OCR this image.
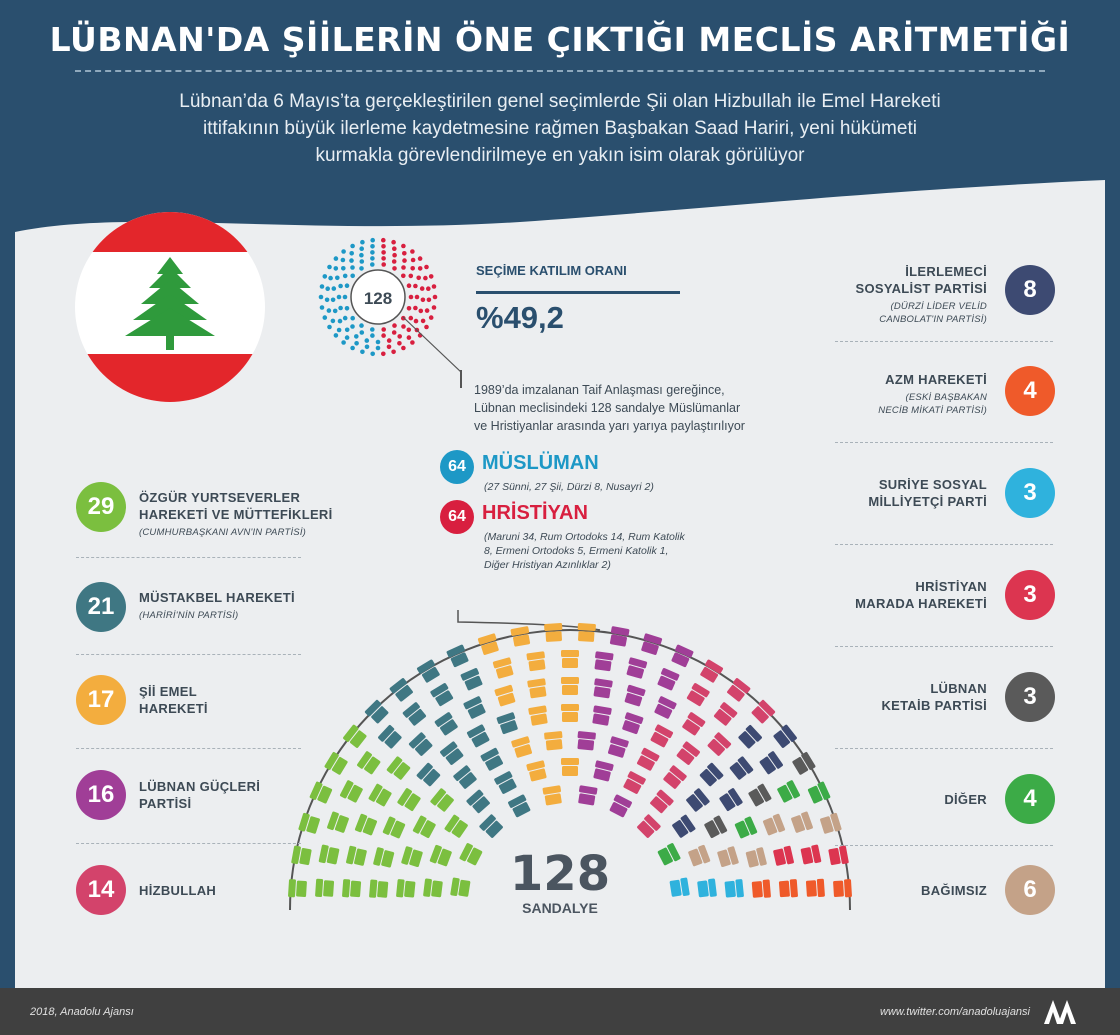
LÜBNAN'DA ŞİİLERİN ÖNE ÇIKTIĞI MECLİS ARİTMETİĞİ
Lübnan’da 6 Mayıs’ta gerçekleştirilen genel seçimlerde Şii olan Hizbullah ile Emel Hareketi
ittifakının büyük ilerleme kaydetmesine rağmen Başbakan Saad Hariri, yeni hükümeti
kurmakla görevlendirilmeye en yakın isim olarak görülüyor
128
SEÇİME KATILIM ORANI
%49,2
1989’da imzalanan Taif Anlaşması gereğince,
Lübnan meclisindeki 128 sandalye Müslümanlar
ve Hristiyanlar arasında yarı yarıya paylaştırılıyor
64 MÜSLÜMAN
(27 Sünni, 27 Şii, Dürzi 8, Nusayri 2)
64 HRİSTİYAN
(Maruni 34, Rum Ortodoks 14, Rum Katolik
8, Ermeni Ortodoks 5, Ermeni Katolik 1,
Diğer Hristiyan Azınlıklar 2)
128
SANDALYE
29	ÖZGÜR YURTSEVERLER
HAREKETİ VE MÜTTEFİKLERİ
(CUMHURBAŞKANI AVN'IN PARTİSİ)
21	MÜSTAKBEL HAREKETİ
(HARİRİ'NİN PARTİSİ)
17	Şİİ EMEL
HAREKETİ
16	LÜBNAN GÜÇLERİ
PARTİSİ
14	HİZBULLAH
8
İLERLEMECİ
SOSYALİST PARTİSİ
(DÜRZİ LİDER VELİD
CANBOLAT'IN PARTİSİ)
4
AZM HAREKETİ
(ESKİ BAŞBAKAN
NECİB MİKATİ PARTİSİ)
3
SURİYE SOSYAL
MİLLİYETÇİ PARTİ
3
HRİSTİYAN
MARADA HAREKETİ
3
LÜBNAN
KETAİB PARTİSİ
4
DİĞER
6
BAĞIMSIZ
2018, Anadolu Ajansı	www.twitter.com/anadoluajansi
